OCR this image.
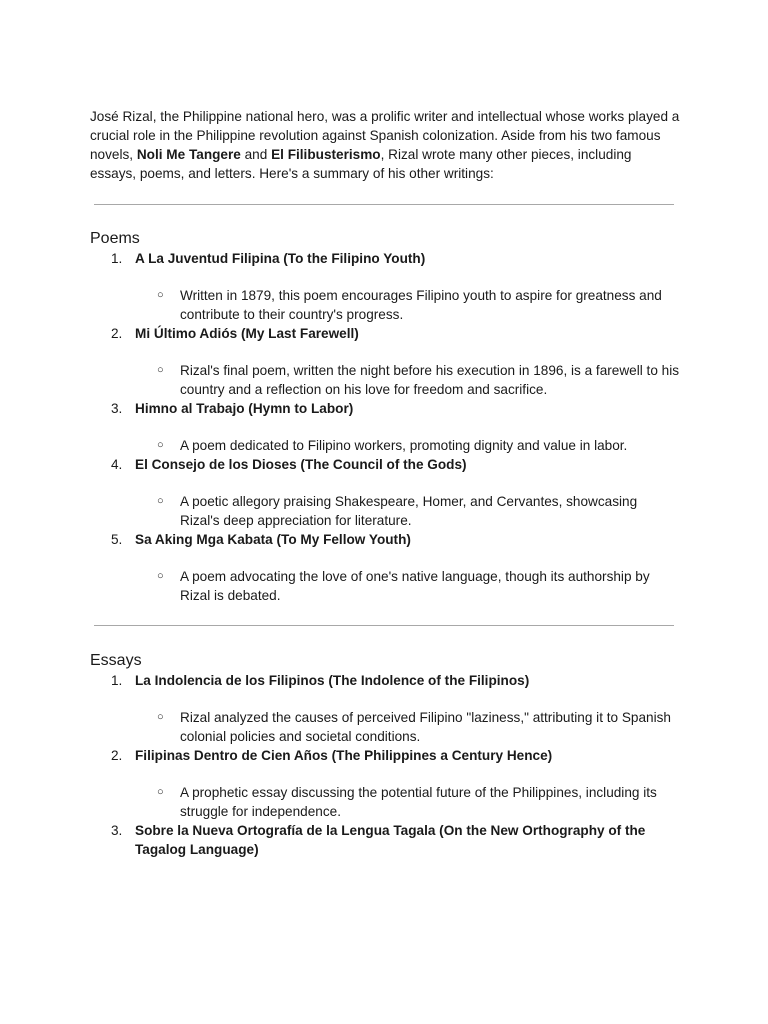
José Rizal, the Philippine national hero, was a prolific writer and intellectual whose works played a crucial role in the Philippine revolution against Spanish colonization. Aside from his two famous novels, Noli Me Tangere and El Filibusterismo, Rizal wrote many other pieces, including essays, poems, and letters. Here's a summary of his other writings:

Poems
1. A La Juventud Filipina (To the Filipino Youth)
○ Written in 1879, this poem encourages Filipino youth to aspire for greatness and contribute to their country's progress.
2. Mi Último Adiós (My Last Farewell)
○ Rizal's final poem, written the night before his execution in 1896, is a farewell to his country and a reflection on his love for freedom and sacrifice.
3. Himno al Trabajo (Hymn to Labor)
○ A poem dedicated to Filipino workers, promoting dignity and value in labor.
4. El Consejo de los Dioses (The Council of the Gods)
○ A poetic allegory praising Shakespeare, Homer, and Cervantes, showcasing Rizal's deep appreciation for literature.
5. Sa Aking Mga Kabata (To My Fellow Youth)
○ A poem advocating the love of one's native language, though its authorship by Rizal is debated.
Essays
1. La Indolencia de los Filipinos (The Indolence of the Filipinos)
○ Rizal analyzed the causes of perceived Filipino "laziness," attributing it to Spanish colonial policies and societal conditions.
2. Filipinas Dentro de Cien Años (The Philippines a Century Hence)
○ A prophetic essay discussing the potential future of the Philippines, including its struggle for independence.
3. Sobre la Nueva Ortografía de la Lengua Tagala (On the New Orthography of the Tagalog Language)
